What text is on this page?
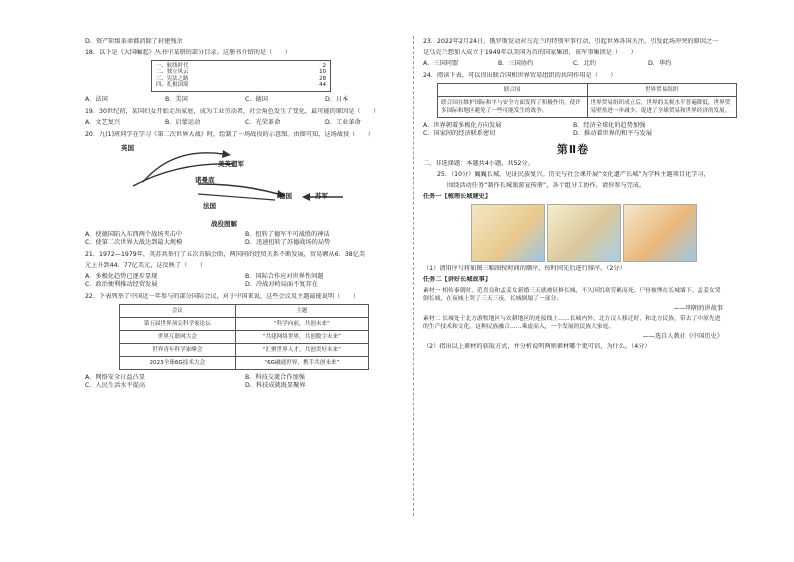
D．资产阶级革命都消除了封建残余
18．以下是《大国崛起》丛书中某册的部分目录。这册书介绍的是（　　）
一、航线时代	2
二、独立风云	10
三、宪法之路	28
四、扎根国境	44
A．法国	B．美国	C．德国	D．日本
19．30世纪初，某国妇女开始走出家庭，成为工业劳动者，社会角色发生了变化，最可能的原因是（　　）
A．文艺复兴	B．启蒙运动	C．光荣革命	D．工业革命
20．九(1)班同学在学习《第二次世界大战》时，绘制了一场战役的示意图。由图可知，这场战役（　　）
英国
美英盟军
诺曼底
德国	苏军
法国
战役图解
A．使德国陷入东西两个战场夹击中	B．扭转了德军不可战胜的神话
C．使第二次世界大战达到最大规模	D．迅速扭转了苏德战场的局势
21．1972—1979年，英苏共举行了五次首脑会晤，两国间的经贸关系不断发展，贸易额从6．38亿美
元上升到44．77亿美元，这反映了（　　）
A．多极化趋势已逐步显现	B．国际合作应对世界性问题
C．政治便利推动经贸发展	D．冷战对峙局面不复存在
22．下表列举了中国近一年参与的部分国际会议，对于中国来说，这些会议及主题最能说明（　　）
会议	主题
第五届世界顶尖科学家论坛	“科学向前，共创未来”
世界互联网大会	“共建网络世界，共创数字未来”
世界青年科学家峰会	“汇聚世界人才，共创美好未来”
2023全球6G技术大会	“6G融通世界，携手共创未来”
A．网络安全日益凸显	B．科技交流合作加强
C．人民生活水平提高	D．科技成就既显聚界
23．2022年2月24日，俄罗斯发动对乌克兰的特别军事行动，引起世界各国关注。引发此场冲突的原因之一
是乌克兰想加入成立于1949年以美国为首的国家集团，该军事集团是（　　）
A．三国同盟	B．三国协约	C．北约	D．华约
24．阅读下表，可以得出联合国和世界贸易组织的共同作用是（　　）
联合国	世界贸易组织
联合国在维护国际和平与安全方面发挥了积极作用，使许多国际和地区避免了一些可能发生的战争。	世界贸易组织成立后，世界的关税水平普遍降低，世界贸易壁垒进一步减少，促进了全球贸易和世界经济的发展。
A．世界朝着多极化方向发展	B．经济全球化的趋势加强
C．国家间的经济联系密切	D．推动着世界的和平与发展
第Ⅱ卷
二、非选择题：本题共4小题，共52分。
25．（10分）巍巍长城，见证民族复兴。历史与社会课开展“文化遗产长城”为学科主题项目化学习，
围绕活动任务“制作长城旅游宣传册”，各个组分工协作，请你参与完成。
任务一【梳理长城建史】
（1）请用序号将如图三幅图按时间的顺序，按时间先后进行排序。（2分）
任务二【讲好长城故事】
素材一 相传秦朝时，范喜良和孟姜女新婚三天就被征修长城，不久因饥寒劳累而死。尸骨被埋在长城墙下。孟姜女哭倒长城，在夜城上哭了三天三夜，长城倒塌了一部分。
——明朝的讲故事
素材二 长城处于北方游牧地区与农耕地区的连接线上……长城内外，北方汉人移迁时，和北方民族，带去了中原先进的生产技术和文化。这种民族融合……乘虚而入，一个发展的民族大家庭。
——选自人教社《中国历史》
（2）指出以上素材的获取方式，并分析说明两则素材哪个更可信，为什么。（4分）
